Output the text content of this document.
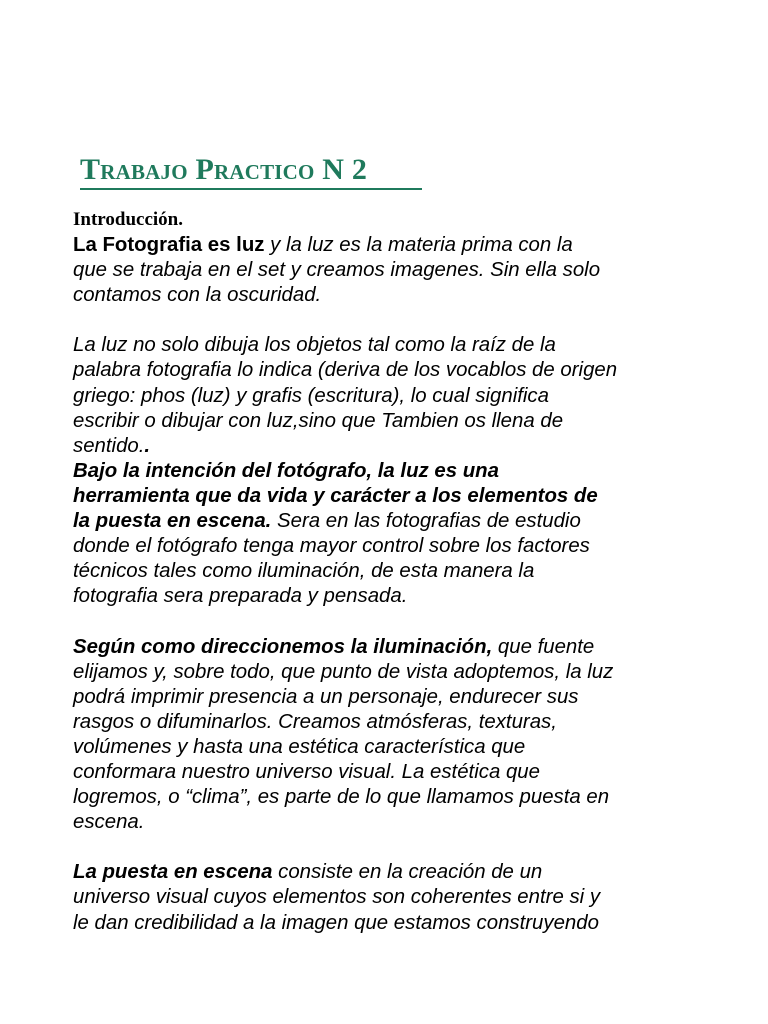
Trabajo Practico N 2
Introducción.
La Fotografia es luz y la luz es la materia prima con la
que se trabaja en el set y creamos imagenes. Sin ella solo
contamos con la oscuridad.
La luz no solo dibuja los objetos tal como la raíz de la
palabra fotografia lo indica (deriva de los vocablos de origen
griego: phos (luz) y grafis (escritura), lo cual significa
escribir o dibujar con luz,sino que Tambien os llena de
sentido..
Bajo la intención del fotógrafo, la luz es una
herramienta que da vida y carácter a los elementos de
la puesta en escena. Sera en las fotografias de estudio
donde el fotógrafo tenga mayor control sobre los factores
técnicos tales como iluminación, de esta manera la
fotografia sera preparada y pensada.
Según como direccionemos la iluminación, que fuente
elijamos y, sobre todo, que punto de vista adoptemos, la luz
podrá imprimir presencia a un personaje, endurecer sus
rasgos o difuminarlos. Creamos atmósferas, texturas,
volúmenes y hasta una estética característica que
conformara nuestro universo visual. La estética que
logremos, o “clima”, es parte de lo que llamamos puesta en
escena.
La puesta en escena consiste en la creación de un
universo visual cuyos elementos son coherentes entre si y
le dan credibilidad a la imagen que estamos construyendo
